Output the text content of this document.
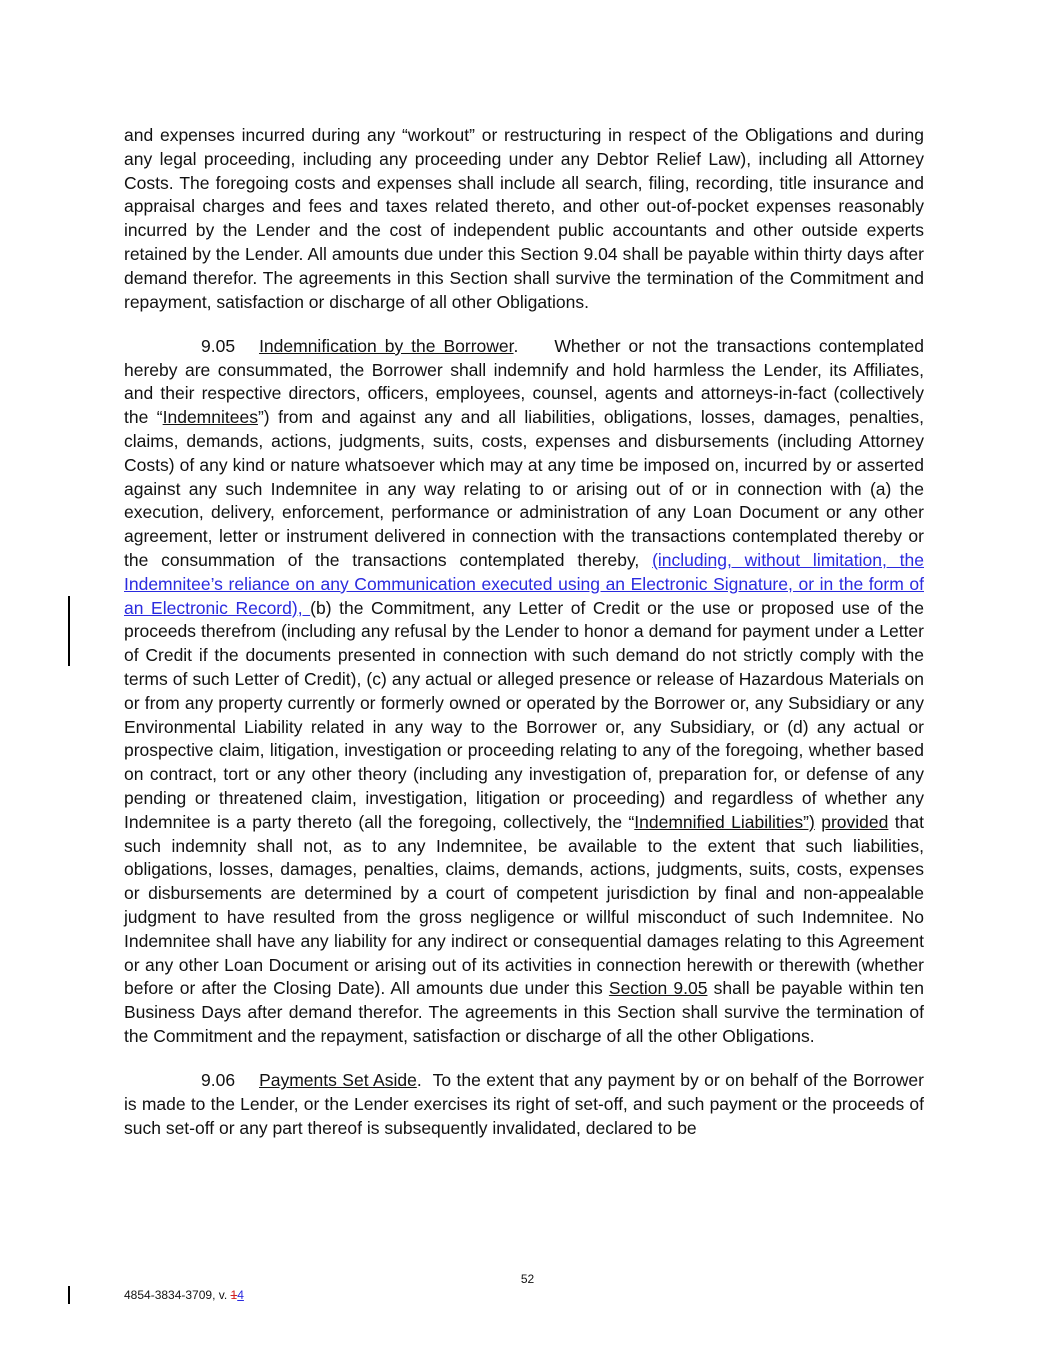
and expenses incurred during any “workout” or restructuring in respect of the Obligations and during any legal proceeding, including any proceeding under any Debtor Relief Law), including all Attorney Costs. The foregoing costs and expenses shall include all search, filing, recording, title insurance and appraisal charges and fees and taxes related thereto, and other out-of-pocket expenses reasonably incurred by the Lender and the cost of independent public accountants and other outside experts retained by the Lender. All amounts due under this Section 9.04 shall be payable within thirty days after demand therefor. The agreements in this Section shall survive the termination of the Commitment and repayment, satisfaction or discharge of all other Obligations.

9.05 Indemnification by the Borrower. Whether or not the transactions contemplated hereby are consummated, the Borrower shall indemnify and hold harmless the Lender, its Affiliates, and their respective directors, officers, employees, counsel, agents and attorneys-in-fact (collectively the “Indemnitees”) from and against any and all liabilities, obligations, losses, damages, penalties, claims, demands, actions, judgments, suits, costs, expenses and disbursements (including Attorney Costs) of any kind or nature whatsoever which may at any time be imposed on, incurred by or asserted against any such Indemnitee in any way relating to or arising out of or in connection with (a) the execution, delivery, enforcement, performance or administration of any Loan Document or any other agreement, letter or instrument delivered in connection with the transactions contemplated thereby or the consummation of the transactions contemplated thereby, (including, without limitation, the Indemnitee’s reliance on any Communication executed using an Electronic Signature, or in the form of an Electronic Record), (b) the Commitment, any Letter of Credit or the use or proposed use of the proceeds therefrom (including any refusal by the Lender to honor a demand for payment under a Letter of Credit if the documents presented in connection with such demand do not strictly comply with the terms of such Letter of Credit), (c) any actual or alleged presence or release of Hazardous Materials on or from any property currently or formerly owned or operated by the Borrower or, any Subsidiary or any Environmental Liability related in any way to the Borrower or, any Subsidiary, or (d) any actual or prospective claim, litigation, investigation or proceeding relating to any of the foregoing, whether based on contract, tort or any other theory (including any investigation of, preparation for, or defense of any pending or threatened claim, investigation, litigation or proceeding) and regardless of whether any Indemnitee is a party thereto (all the foregoing, collectively, the “Indemnified Liabilities”) provided that such indemnity shall not, as to any Indemnitee, be available to the extent that such liabilities, obligations, losses, damages, penalties, claims, demands, actions, judgments, suits, costs, expenses or disbursements are determined by a court of competent jurisdiction by final and non-appealable judgment to have resulted from the gross negligence or willful misconduct of such Indemnitee. No Indemnitee shall have any liability for any indirect or consequential damages relating to this Agreement or any other Loan Document or arising out of its activities in connection herewith or therewith (whether before or after the Closing Date). All amounts due under this Section 9.05 shall be payable within ten Business Days after demand therefor. The agreements in this Section shall survive the termination of the Commitment and the repayment, satisfaction or discharge of all the other Obligations.

9.06 Payments Set Aside. To the extent that any payment by or on behalf of the Borrower is made to the Lender, or the Lender exercises its right of set-off, and such payment or the proceeds of such set-off or any part thereof is subsequently invalidated, declared to be

52
4854-3834-3709, v. 14
